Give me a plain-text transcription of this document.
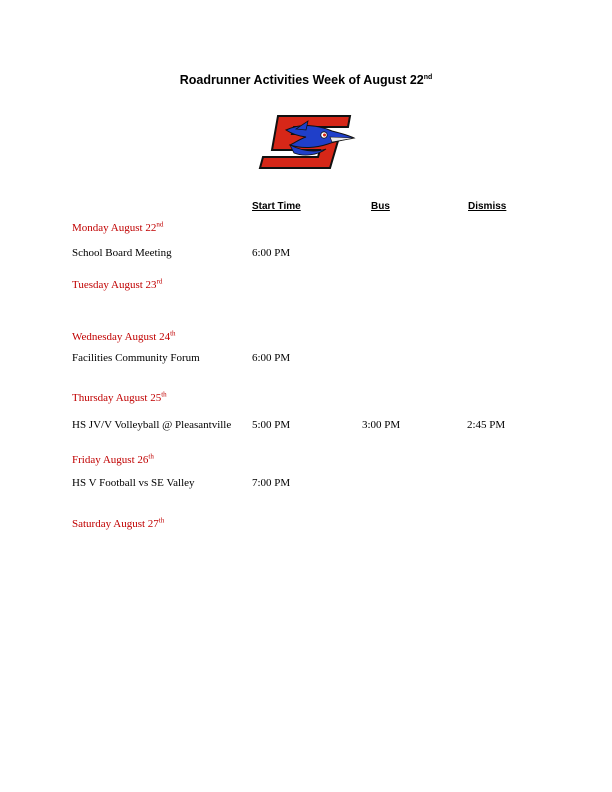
Roadrunner Activities Week of August 22nd
Start Time	Bus	Dismiss
Monday August 22nd
School Board Meeting	6:00 PM
Tuesday August 23rd
Wednesday August 24th
Facilities Community Forum	6:00 PM
Thursday August 25th
HS JV/V Volleyball @ Pleasantville 5:00 PM	3:00 PM	2:45 PM
Friday August 26th
HS V Football vs SE Valley	7:00 PM
Saturday August 27th
